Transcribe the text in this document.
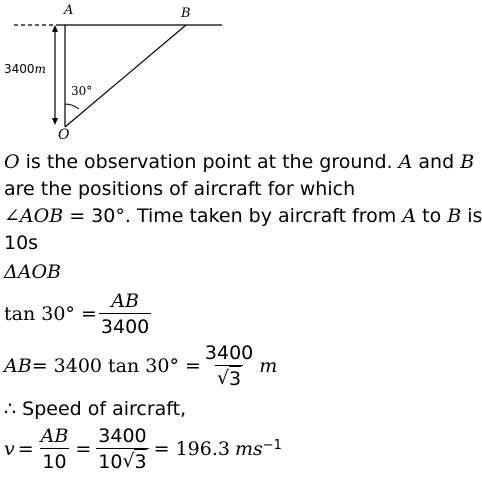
A	B
O
3400m
30°
O is the observation point at the ground. A and B
are the positions of aircraft for which
∠AOB = 30°. Time taken by aircraft from A to B is
10s
ΔAOB
$\tan 30^\circ = \frac{AB}{3400}$
AB = 3400 $\tan 30^\circ = \frac{3400}{√ 3}$ m
∴ Speed of aircraft,
$v = \frac{AB}{10} = \frac{3400}{10 √ 3} = 196.3$ $ms^{-1}$
